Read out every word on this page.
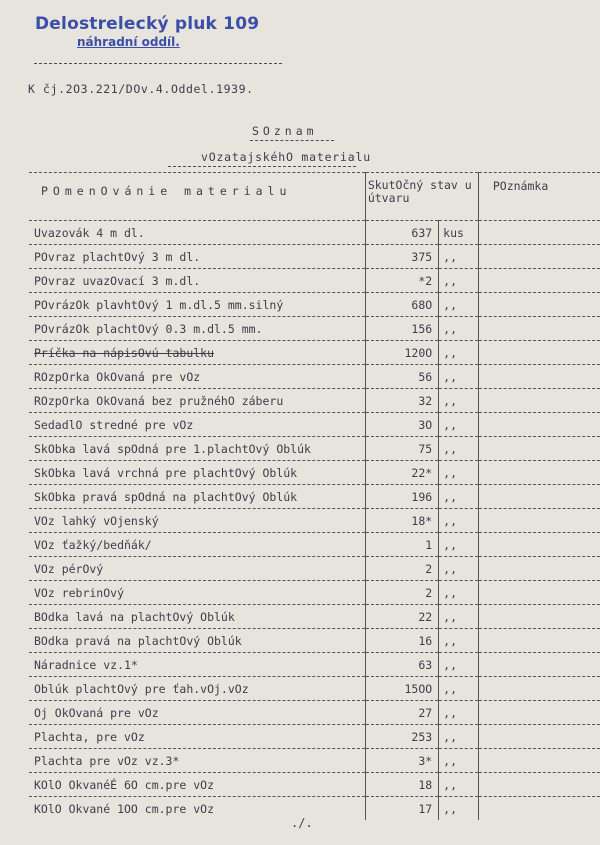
Delostrelecký pluk 109
náhradní oddíl.
K čj.2O3.221/DOv.4.Oddel.1939.
SOznam
vOzatajskéhO materialu
POmenOvánie materialu	SkutOčný stav u útvaru		POznámka
Uvazovák 4 m dl.	637	kus	
POvraz plachtOvý 3 m dl.	375	,,	
POvraz uvazOvací 3 m.dl.	*2	,,	
POvrázOk plavhtOvý 1 m.dl.5 mm.silný	68O	,,	
POvrázOk plachtOvý 0.3 m.dl.5 mm.	156	,,	
Príčka na nápisOvú tabulku	120O	,,	
ROzpOrka OkOvaná pre vOz	56	,,	
ROzpOrka OkOvaná bez pružnéhO záberu	32	,,	
SedadlO stredné pre vOz	3O	,,	
SkObka lavá spOdná pre 1.plachtOvý Oblúk	75	,,	
SkObka lavá vrchná pre plachtOvý Oblúk	22*	,,	
SkObka pravá spOdná na plachtOvý Oblúk	196	,,	
VOz lahký vOjenský	18*	,,	
VOz ťažký/bedňák/	1	,,	
VOz pérOvý	2	,,	
VOz rebrinOvý	2	,,	
BOdka lavá na plachtOvý Oblúk	22	,,	
BOdka pravá na plachtOvý Oblúk	16	,,	
Náradnice vz.1*	63	,,	
Oblúk plachtOvý pre ťah.vOj.vOz	15OO	,,	
Oj OkOvaná pre vOz	27	,,	
Plachta, pre vOz	253	,,	
Plachta pre vOz vz.3*	3*	,,	
KOlO OkvanéÉ 6O cm.pre vOz	18	,,	
KOlO Okvané 1OO cm.pre vOz	17	,,	
./.
